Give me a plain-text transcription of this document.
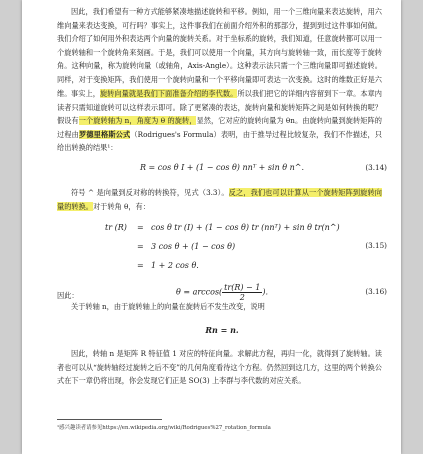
因此，我们希望有一种方式能够紧凑地描述旋转和平移。例如，用一个三维向量来表达旋转，用六维向量来表达变换，可行吗？事实上，这件事我们在前面介绍外积的那部分，提到到过这件事如何做。我们介绍了如何用外积表达两个向量的旋转关系。对于坐标系的旋转，我们知道，任意旋转都可以用一个旋转轴和一个旋转角来刻画。于是，我们可以使用一个向量，其方向与旋转轴一致，而长度等于旋转角。这种向量，称为旋转向量（或轴角，Axis-Angle）。这种表示法只需一个三维向量即可描述旋转。同样，对于变换矩阵，我们使用一个旋转向量和一个平移向量即可表达一次变换。这时的维数正好是六维。 事实上，旋转向量就是我们下面准备介绍的李代数。所以我们把它的详细内容留到下一章。本章内读者只需知道旋转可以这样表示即可。除了更紧凑的表达，旋转向量和旋转矩阵之间是如何转换的呢？假设有一个旋转轴为 n，角度为 θ 的旋转，显然，它对应的旋转向量为 θn。由旋转向量到旋转矩阵的过程由罗德里格斯公式（Rodrigues's Formula）表明，由于推导过程比较复杂，我们不作描述，只给出转换的结果¹：
R = cos θ I + (1 − cos θ) nnᵀ + sin θ n^.	(3.14)
符号 ^ 是向量到反对称的转换符，见式（3.3）。反之，我们也可以计算从一个旋转矩阵到旋转向量的转换。对于转角 θ，有：
tr (R) = cos θ tr (I) + (1 − cos θ) tr (nnᵀ) + sin θ tr(n^)
= 3 cos θ + (1 − cos θ)
= 1 + 2 cos θ.
(3.15)
因此：	$\theta = \arccos( \frac{tr(R) - 1}{2}$ ).	(3.16)
关于转轴 n，由于旋转轴上的向量在旋转后不发生改变，说明
Rn = n.
因此，转轴 n 是矩阵 R 特征值 1 对应的特征向量。求解此方程，再归一化，就得到了旋转轴。读者也可以从“旋转轴经过旋转之后不变”的几何角度看待这个方程。仍然回到这几方，这里的两个转换公式在下一章仍将出现，你会发现它们正是 SO(3) 上李群与李代数的对应关系。
¹感兴趣读者请参见https://en.wikipedia.org/wiki/Rodrigues%27_rotation_formula
